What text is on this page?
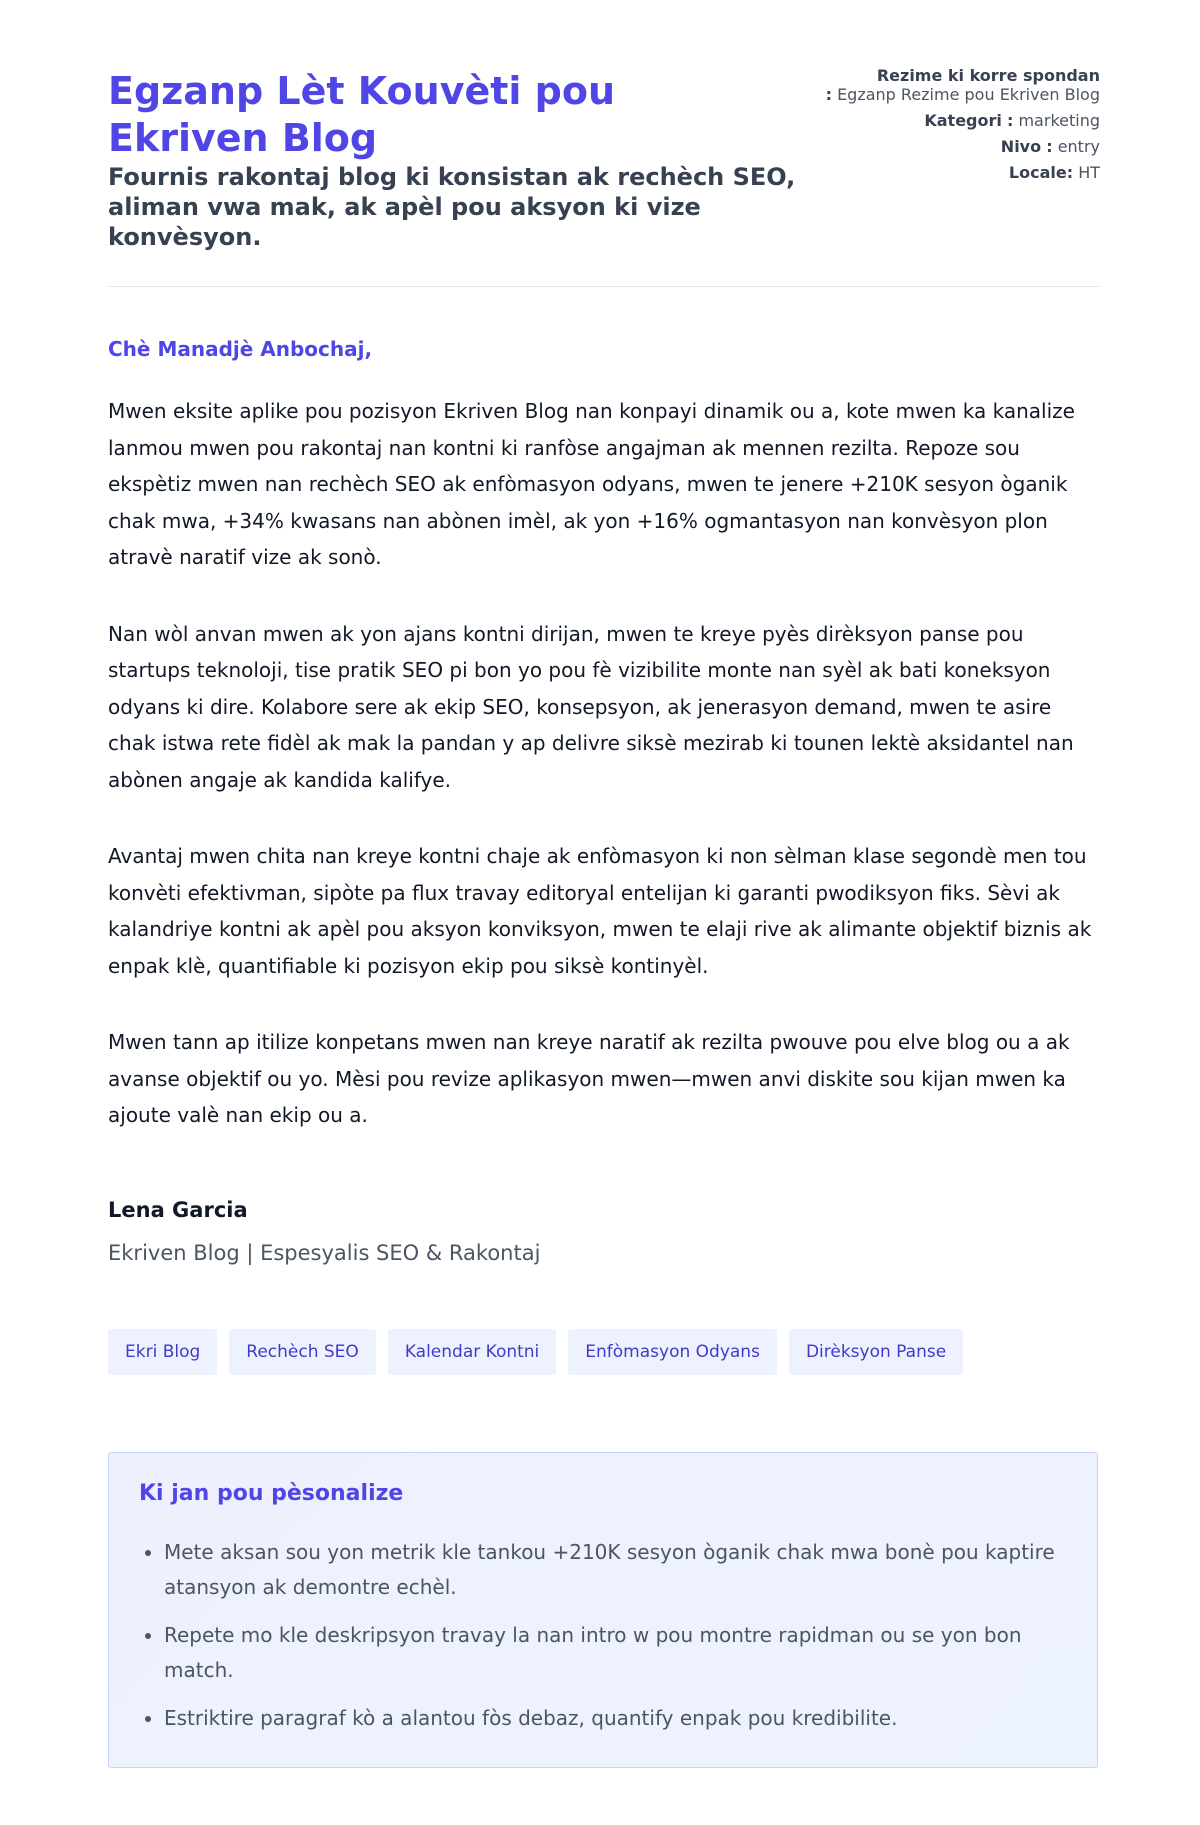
Egzanp Lèt Kouvèti pou Ekriven Blog
Fournis rakontaj blog ki konsistan ak rechèch SEO, aliman vwa mak, ak apèl pou aksyon ki vize konvèsyon.
Rezime ki korre spondan
: Egzanp Rezime pou Ekriven Blog
Kategori : marketing
Nivo : entry
Locale: HT

Chè Manadjè Anbochaj,

Mwen eksite aplike pou pozisyon Ekriven Blog nan konpayi dinamik ou a, kote mwen ka kanalize lanmou mwen pou rakontaj nan kontni ki ranfòse angajman ak mennen rezilta. Repoze sou ekspètiz mwen nan rechèch SEO ak enfòmasyon odyans, mwen te jenere +210K sesyon òganik chak mwa, +34% kwasans nan abònen imèl, ak yon +16% ogmantasyon nan konvèsyon plon atravè naratif vize ak sonò.

Nan wòl anvan mwen ak yon ajans kontni dirijan, mwen te kreye pyès dirèksyon panse pou startups teknoloji, tise pratik SEO pi bon yo pou fè vizibilite monte nan syèl ak bati koneksyon odyans ki dire. Kolabore sere ak ekip SEO, konsepsyon, ak jenerasyon demand, mwen te asire chak istwa rete fidèl ak mak la pandan y ap delivre siksè mezirab ki tounen lektè aksidantel nan abònen angaje ak kandida kalifye.

Avantaj mwen chita nan kreye kontni chaje ak enfòmasyon ki non sèlman klase segondè men tou konvèti efektivman, sipòte pa flux travay editoryal entelijan ki garanti pwodiksyon fiks. Sèvi ak kalandriye kontni ak apèl pou aksyon konviksyon, mwen te elaji rive ak alimante objektif biznis ak enpak klè, quantifiable ki pozisyon ekip pou siksè kontinyèl.

Mwen tann ap itilize konpetans mwen nan kreye naratif ak rezilta pwouve pou elve blog ou a ak avanse objektif ou yo. Mèsi pou revize aplikasyon mwen—mwen anvi diskite sou kijan mwen ka ajoute valè nan ekip ou a.

Lena Garcia
Ekriven Blog | Espesyalis SEO & Rakontaj
Ekri Blog	Rechèch SEO	Kalendar Kontni	Enfòmasyon Odyans	Dirèksyon Panse
Ki jan pou pèsonalize
• Mete aksan sou yon metrik kle tankou +210K sesyon òganik chak mwa bonè pou kaptire atansyon ak demontre echèl.
• Repete mo kle deskripsyon travay la nan intro w pou montre rapidman ou se yon bon match.
• Estriktire paragraf kò a alantou fòs debaz, quantify enpak pou kredibilite.
